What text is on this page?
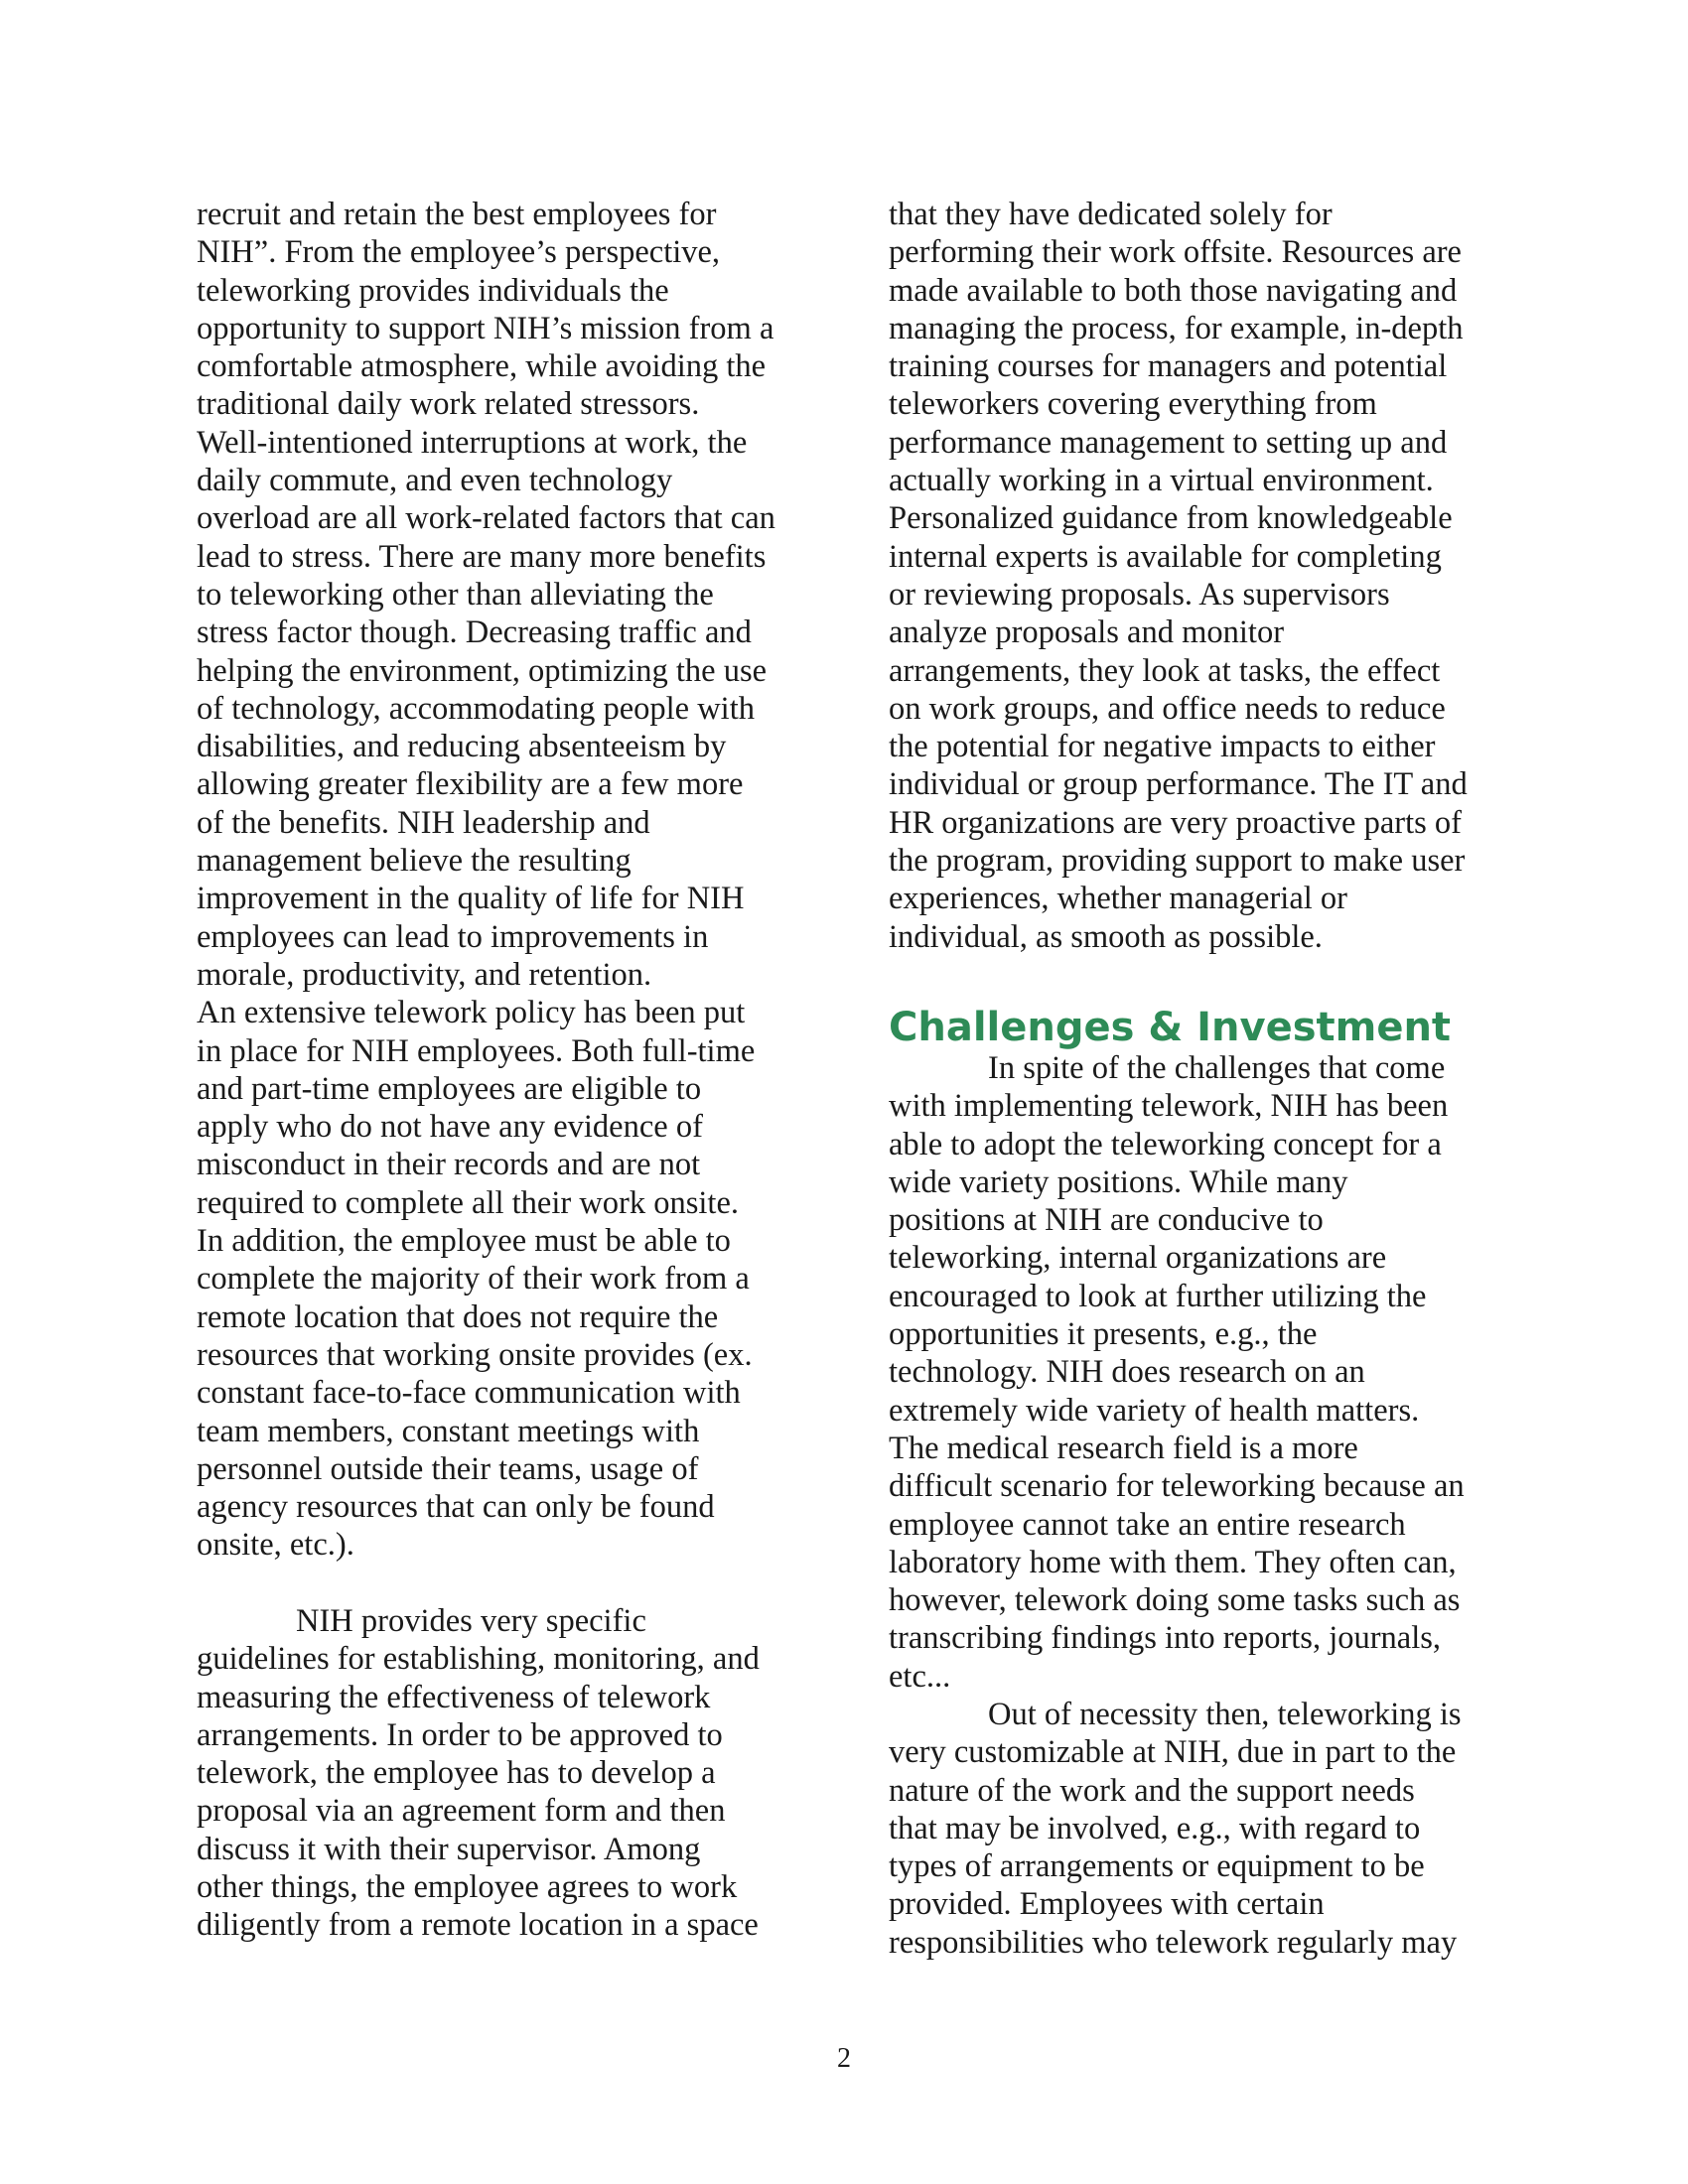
recruit and retain the best employees for
NIH”. From the employee’s perspective,
teleworking provides individuals the
opportunity to support NIH’s mission from a
comfortable atmosphere, while avoiding the
traditional daily work related stressors.
Well-intentioned interruptions at work, the
daily commute, and even technology
overload are all work-related factors that can
lead to stress. There are many more benefits
to teleworking other than alleviating the
stress factor though. Decreasing traffic and
helping the environment, optimizing the use
of technology, accommodating people with
disabilities, and reducing absenteeism by
allowing greater flexibility are a few more
of the benefits. NIH leadership and
management believe the resulting
improvement in the quality of life for NIH
employees can lead to improvements in
morale, productivity, and retention.
An extensive telework policy has been put
in place for NIH employees. Both full-time
and part-time employees are eligible to
apply who do not have any evidence of
misconduct in their records and are not
required to complete all their work onsite.
In addition, the employee must be able to
complete the majority of their work from a
remote location that does not require the
resources that working onsite provides (ex.
constant face-to-face communication with
team members, constant meetings with
personnel outside their teams, usage of
agency resources that can only be found
onsite, etc.).
NIH provides very specific
guidelines for establishing, monitoring, and
measuring the effectiveness of telework
arrangements. In order to be approved to
telework, the employee has to develop a
proposal via an agreement form and then
discuss it with their supervisor. Among
other things, the employee agrees to work
diligently from a remote location in a space
that they have dedicated solely for
performing their work offsite. Resources are
made available to both those navigating and
managing the process, for example, in-depth
training courses for managers and potential
teleworkers covering everything from
performance management to setting up and
actually working in a virtual environment.
Personalized guidance from knowledgeable
internal experts is available for completing
or reviewing proposals. As supervisors
analyze proposals and monitor
arrangements, they look at tasks, the effect
on work groups, and office needs to reduce
the potential for negative impacts to either
individual or group performance. The IT and
HR organizations are very proactive parts of
the program, providing support to make user
experiences, whether managerial or
individual, as smooth as possible.
Challenges & Investment
In spite of the challenges that come
with implementing telework, NIH has been
able to adopt the teleworking concept for a
wide variety positions. While many
positions at NIH are conducive to
teleworking, internal organizations are
encouraged to look at further utilizing the
opportunities it presents, e.g., the
technology. NIH does research on an
extremely wide variety of health matters.
The medical research field is a more
difficult scenario for teleworking because an
employee cannot take an entire research
laboratory home with them. They often can,
however, telework doing some tasks such as
transcribing findings into reports, journals,
etc...
Out of necessity then, teleworking is
very customizable at NIH, due in part to the
nature of the work and the support needs
that may be involved, e.g., with regard to
types of arrangements or equipment to be
provided. Employees with certain
responsibilities who telework regularly may
2
